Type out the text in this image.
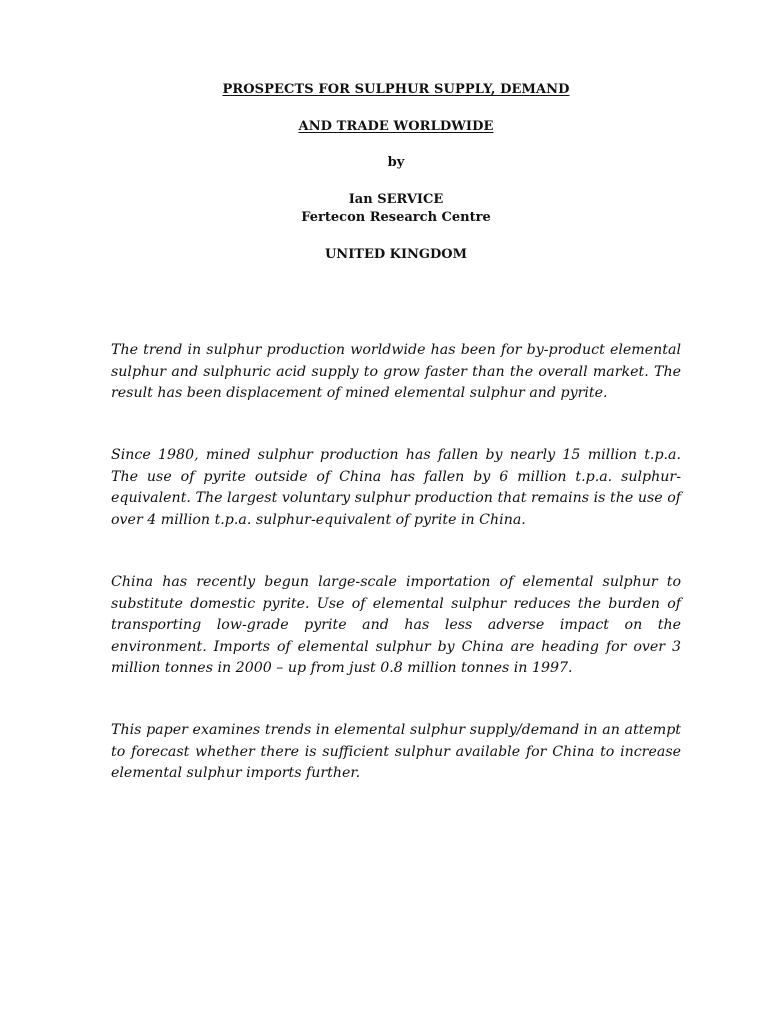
PROSPECTS FOR SULPHUR SUPPLY, DEMAND
AND TRADE WORLDWIDE
by
Ian SERVICE
Fertecon Research Centre
UNITED KINGDOM

The trend in sulphur production worldwide has been for by-product elemental sulphur and sulphuric acid supply to grow faster than the overall market. The result has been displacement of mined elemental sulphur and pyrite.

Since 1980, mined sulphur production has fallen by nearly 15 million t.p.a. The use of pyrite outside of China has fallen by 6 million t.p.a. sulphur-equivalent. The largest voluntary sulphur production that remains is the use of over 4 million t.p.a. sulphur-equivalent of pyrite in China.

China has recently begun large-scale importation of elemental sulphur to substitute domestic pyrite. Use of elemental sulphur reduces the burden of transporting low-grade pyrite and has less adverse impact on the environment. Imports of elemental sulphur by China are heading for over 3 million tonnes in 2000 – up from just 0.8 million tonnes in 1997.

This paper examines trends in elemental sulphur supply/demand in an attempt to forecast whether there is sufficient sulphur available for China to increase elemental sulphur imports further.
